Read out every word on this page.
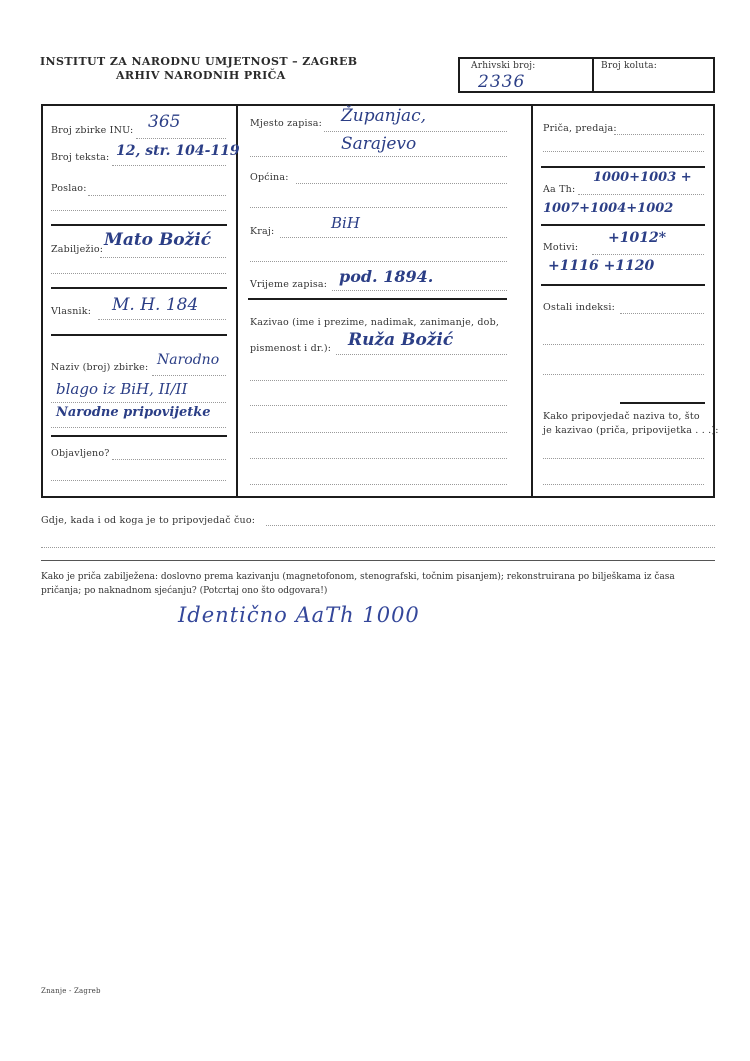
INSTITUT ZA NARODNU UMJETNOST – ZAGREB
ARHIV NARODNIH PRIČA
Arhivski broj:
2336
Broj koluta:
Broj zbirke INU: 365
Broj teksta: 12, str. 104-119
Poslao:
Zabilježio: Mato Božić
Vlasnik: M. H. 184
Naziv (broj) zbirke: Narodno
blago iz BiH, II/II
Narodne pripovijetke
Objavljeno?
Mjesto zapisa: Županjac,
Sarajevo
Općina:
Kraj:	BiH
Vrijeme zapisa: pod. 1894.
Kazivao (ime i prezime, nadimak, zanimanje, dob,
pismenost i dr.): Ruža Božić
Priča, predaja:
Aa Th:
1000+1003 +
1007+1004+1002
Motivi:
+1012*
+1116 +1120
Ostali indeksi:
Kako pripovjedač naziva to, što
je kazivao (priča, pripovijetka . . .):
Gdje, kada i od koga je to pripovjedač čuo:
Kako je priča zabilježena: doslovno prema kazivanju (magnetofonom, stenografski, točnim pisanjem); rekonstruirana po bilješkama iz časa
pričanja; po naknadnom sjećanju? (Potcrtaj ono što odgovara!)
Identično AaTh 1000
Znanje - Zagreb
